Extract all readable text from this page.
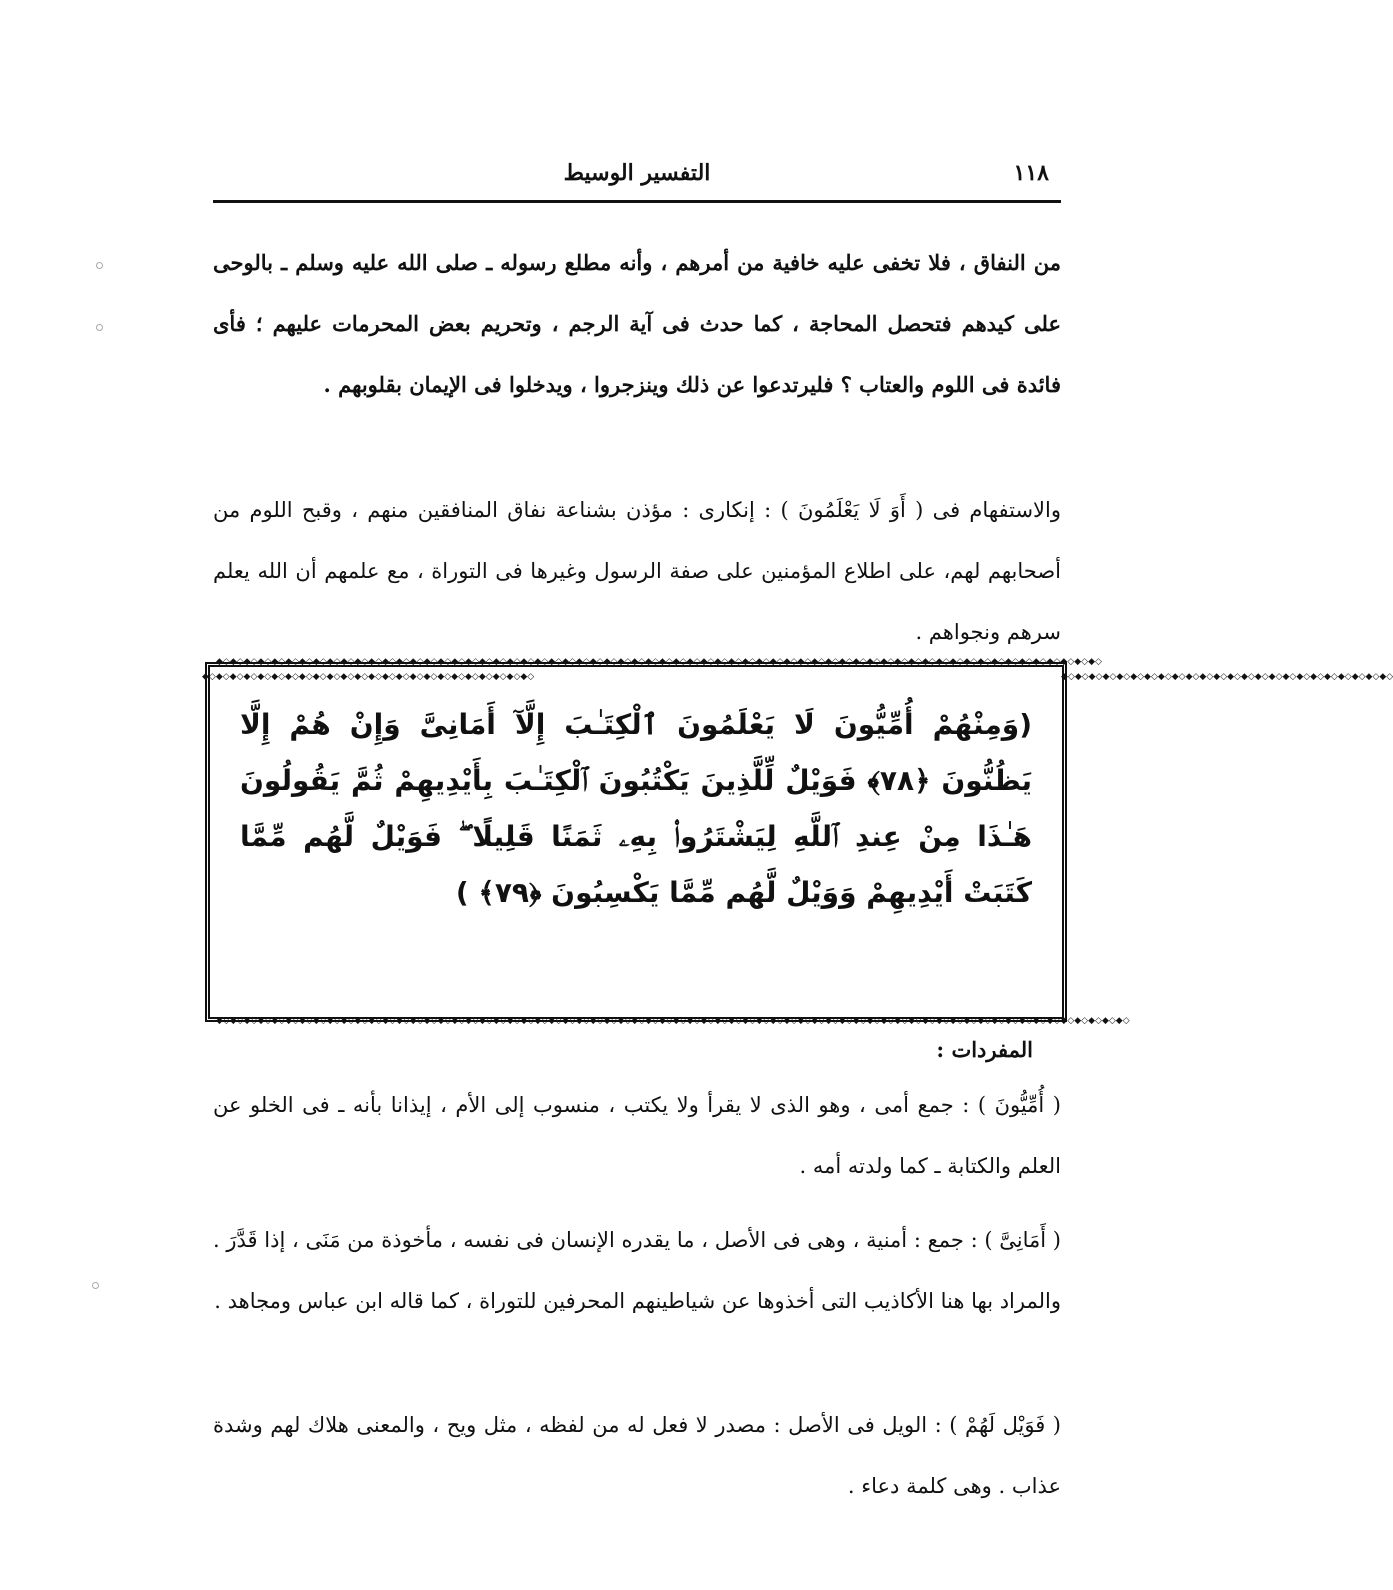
١١٨
التفسير الوسيط

من النفاق ، فلا تخفى عليه خافية من أمرهم ، وأنه مطلع رسوله ـ صلى الله عليه وسلم ـ بالوحى على كيدهم فتحصل المحاجة ، كما حدث فى آية الرجم ، وتحريم بعض المحرمات عليهم ؛ فأى فائدة فى اللوم والعتاب ؟ فليرتدعوا عن ذلك وينزجروا ، ويدخلوا فى الإيمان بقلوبهم .

والاستفهام فى ( أَوَ لَا يَعْلَمُونَ ) : إنكارى : مؤذن بشناعة نفاق المنافقين منهم ، وقبح اللوم من أصحابهم لهم، على اطلاع المؤمنين على صفة الرسول وغيرها فى التوراة ، مع علمهم أن الله يعلم سرهم ونجواهم .

◆◇◆◇◆◇◆◇◆◇◆◇◆◇◆◇◆◇◆◇◆◇◆◇◆◇◆◇◆◇◆◇◆◇◆◇◆◇◆◇◆◇◆◇◆◇◆◇◆◇◆◇◆◇◆◇◆◇◆◇◆◇◆◇◆◇◆◇◆◇◆◇◆◇◆◇◆◇◆◇◆◇◆◇◆◇◆◇◆◇◆◇◆◇◆◇◆◇◆◇◆◇◆◇◆◇◆◇◆◇◆◇◆◇◆◇◆◇◆◇◆◇◆◇◆◇◆◇
◆◇◆◇◆◇◆◇◆◇◆◇◆◇◆◇◆◇◆◇◆◇◆◇◆◇◆◇◆◇◆◇◆◇◆◇◆◇◆◇◆◇◆◇◆◇◆◇◆◇◆◇◆◇◆◇◆◇◆◇◆◇◆◇◆◇◆◇◆◇◆◇◆◇◆◇◆◇◆◇◆◇◆◇◆◇◆◇◆◇◆◇◆◇◆◇◆◇◆◇◆◇◆◇◆◇◆◇◆◇◆◇◆◇◆◇◆◇◆◇◆◇◆◇◆◇◆◇◆◇◆◇
◆◇◆◇◆◇◆◇◆◇◆◇◆◇◆◇◆◇◆◇◆◇◆◇◆◇◆◇◆◇◆◇◆◇◆◇◆◇◆◇◆◇◆◇◆◇◆◇	◆◇◆◇◆◇◆◇◆◇◆◇◆◇◆◇◆◇◆◇◆◇◆◇◆◇◆◇◆◇◆◇◆◇◆◇◆◇◆◇◆◇◆◇◆◇◆◇
(وَمِنْهُمْ أُمِّيُّونَ لَا يَعْلَمُونَ ٱلْكِتَـٰبَ إِلَّآ أَمَانِىَّ وَإِنْ هُمْ إِلَّا يَظُنُّونَ ﴿٧٨﴾ فَوَيْلٌ لِّلَّذِينَ يَكْتُبُونَ ٱلْكِتَـٰبَ بِأَيْدِيهِمْ ثُمَّ يَقُولُونَ هَـٰذَا مِنْ عِندِ ٱللَّهِ لِيَشْتَرُوا۟ بِهِۦ ثَمَنًا قَلِيلًا ۖ فَوَيْلٌ لَّهُم مِّمَّا كَتَبَتْ أَيْدِيهِمْ وَوَيْلٌ لَّهُم مِّمَّا يَكْسِبُونَ ﴿٧٩﴾ )
المفردات :

( أُمِّيُّونَ ) : جمع أمى ، وهو الذى لا يقرأ ولا يكتب ، منسوب إلى الأم ، إيذانا بأنه ـ فى الخلو عن العلم والكتابة ـ كما ولدته أمه .

( أَمَانِىَّ ) : جمع : أمنية ، وهى فى الأصل ، ما يقدره الإنسان فى نفسه ، مأخوذة من مَنَى ، إذا قَدَّرَ . والمراد بها هنا الأكاذيب التى أخذوها عن شياطينهم المحرفين للتوراة ، كما قاله ابن عباس ومجاهد .

( فَوَيْل لَهُمْ ) : الويل فى الأصل : مصدر لا فعل له من لفظه ، مثل ويح ، والمعنى هلاك لهم وشدة عذاب . وهى كلمة دعاء .
